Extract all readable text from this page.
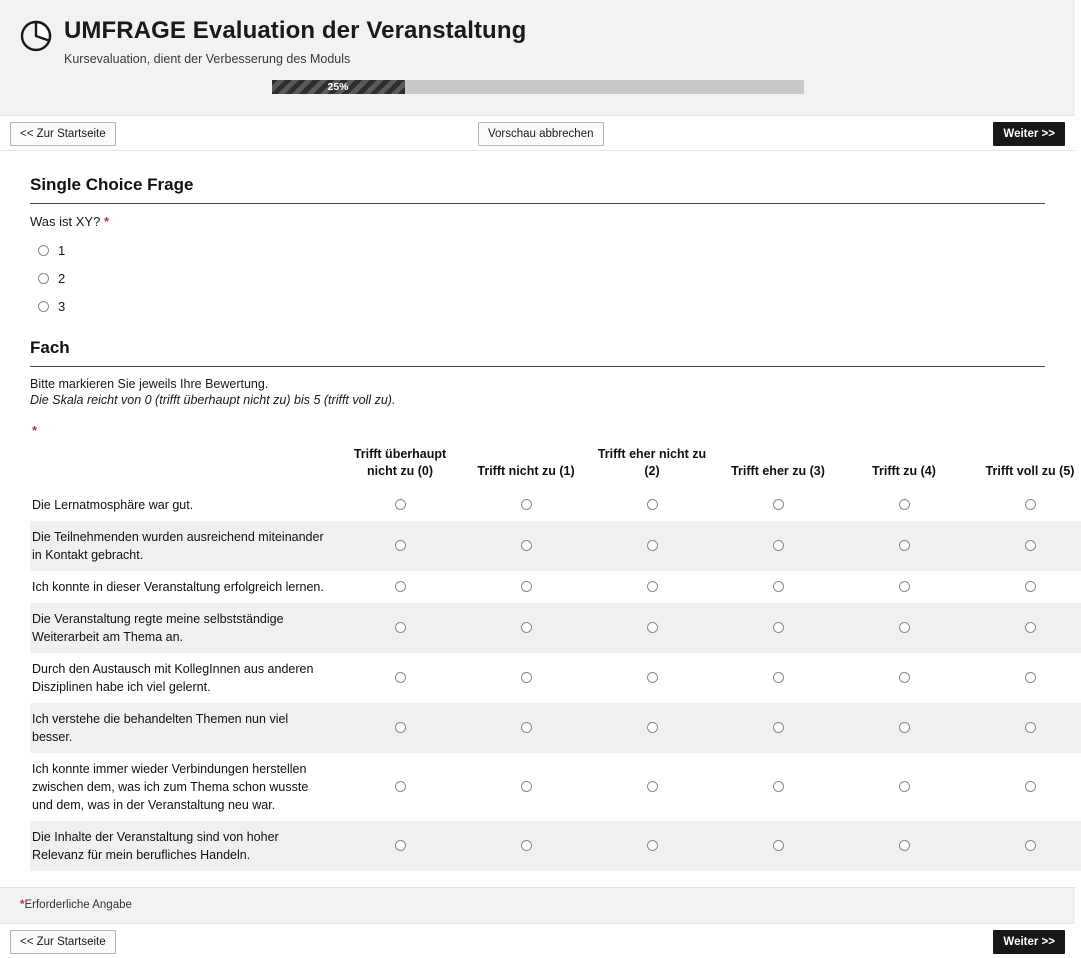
UMFRAGE Evaluation der Veranstaltung
Kursevaluation, dient der Verbesserung des Moduls
25%
<< Zur Startseite	Vorschau abbrechen	Weiter >>
Single Choice Frage
Was ist XY? *
1
2
3
Fach
Bitte markieren Sie jeweils Ihre Bewertung.
Die Skala reicht von 0 (trifft überhaupt nicht zu) bis 5 (trifft voll zu).
*
	Trifft überhaupt nicht zu (0)	Trifft nicht zu (1)	Trifft eher nicht zu (2)	Trifft eher zu (3)	Trifft zu (4)	Trifft voll zu (5)
Die Lernatmosphäre war gut.						
Die Teilnehmenden wurden ausreichend miteinander in Kontakt gebracht.						
Ich konnte in dieser Veranstaltung erfolgreich lernen.						
Die Veranstaltung regte meine selbstständige Weiterarbeit am Thema an.						
Durch den Austausch mit KollegInnen aus anderen Disziplinen habe ich viel gelernt.						
Ich verstehe die behandelten Themen nun viel besser.						
Ich konnte immer wieder Verbindungen herstellen zwischen dem, was ich zum Thema schon wusste und dem, was in der Veranstaltung neu war.						
Die Inhalte der Veranstaltung sind von hoher Relevanz für mein berufliches Handeln.						
*Erforderliche Angabe
<< Zur Startseite	Weiter >>
